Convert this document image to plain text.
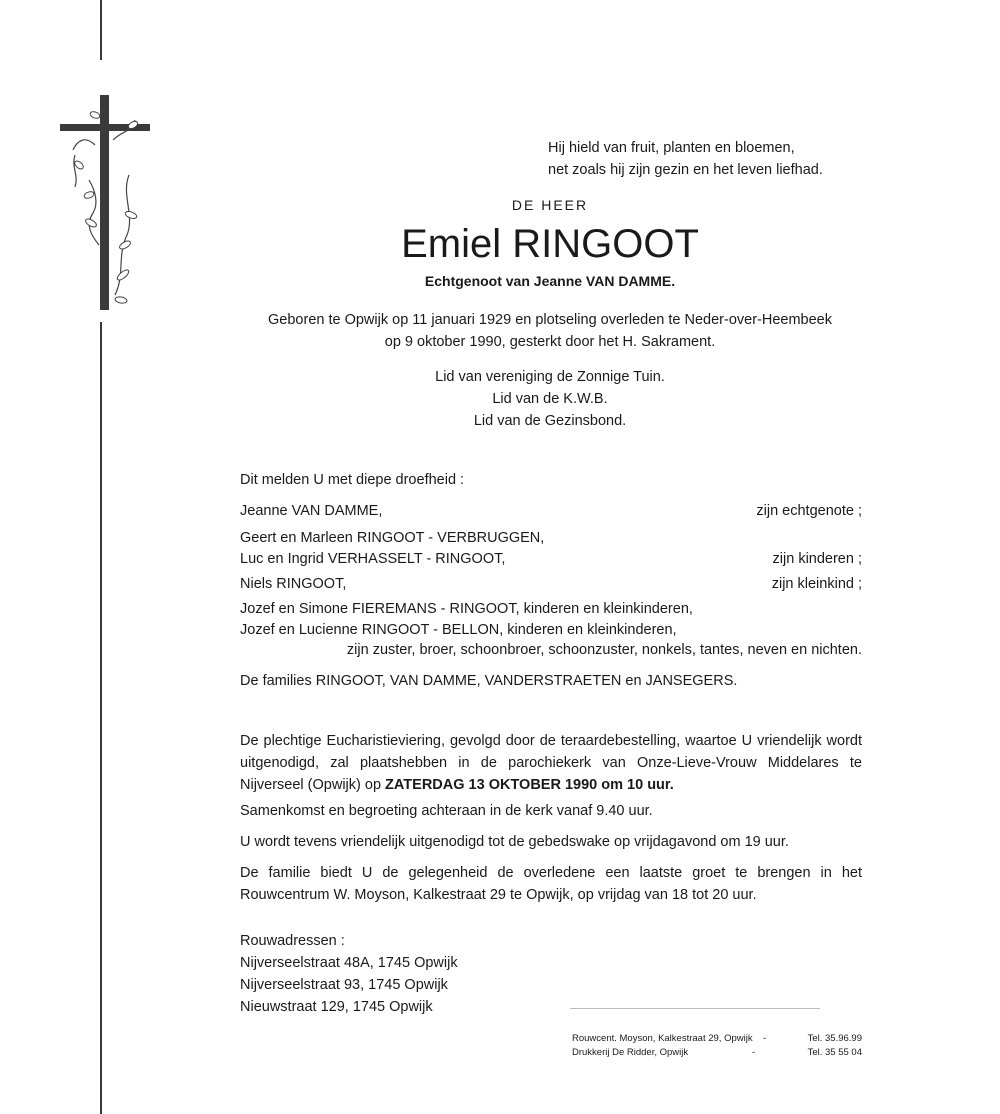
Hij hield van fruit, planten en bloemen,
net zoals hij zijn gezin en het leven liefhad.
DE HEER
Emiel RINGOOT
Echtgenoot van Jeanne VAN DAMME.
Geboren te Opwijk op 11 januari 1929 en plotseling overleden te Neder-over-Heembeek
op 9 oktober 1990, gesterkt door het H. Sakrament.
Lid van vereniging de Zonnige Tuin.
Lid van de K.W.B.
Lid van de Gezinsbond.
Dit melden U met diepe droefheid :
Jeanne VAN DAMME,	zijn echtgenote ;
Geert en Marleen RINGOOT - VERBRUGGEN,
Luc en Ingrid VERHASSELT - RINGOOT,	zijn kinderen ;
Niels RINGOOT,	zijn kleinkind ;
Jozef en Simone FIEREMANS - RINGOOT, kinderen en kleinkinderen,
Jozef en Lucienne RINGOOT - BELLON, kinderen en kleinkinderen,
zijn zuster, broer, schoonbroer, schoonzuster, nonkels, tantes, neven en nichten.
De families RINGOOT, VAN DAMME, VANDERSTRAETEN en JANSEGERS.
De plechtige Eucharistieviering, gevolgd door de teraardebestelling, waartoe U vriendelijk wordt uitgenodigd, zal plaatshebben in de parochiekerk van Onze-Lieve-Vrouw Middelares te Nijverseel (Opwijk) op ZATERDAG 13 OKTOBER 1990 om 10 uur.
Samenkomst en begroeting achteraan in de kerk vanaf 9.40 uur.
U wordt tevens vriendelijk uitgenodigd tot de gebedswake op vrijdagavond om 19 uur.
De familie biedt U de gelegenheid de overledene een laatste groet te brengen in het Rouwcentrum W. Moyson, Kalkestraat 29 te Opwijk, op vrijdag van 18 tot 20 uur.
Rouwadressen :
Nijverseelstraat 48A, 1745 Opwijk
Nijverseelstraat 93, 1745 Opwijk
Nieuwstraat 129, 1745 Opwijk
Rouwcent. Moyson, Kalkestraat 29, Opwijk -	Tel. 35.96.99
Drukkerij De Ridder, Opwijk	-	Tel. 35 55 04
